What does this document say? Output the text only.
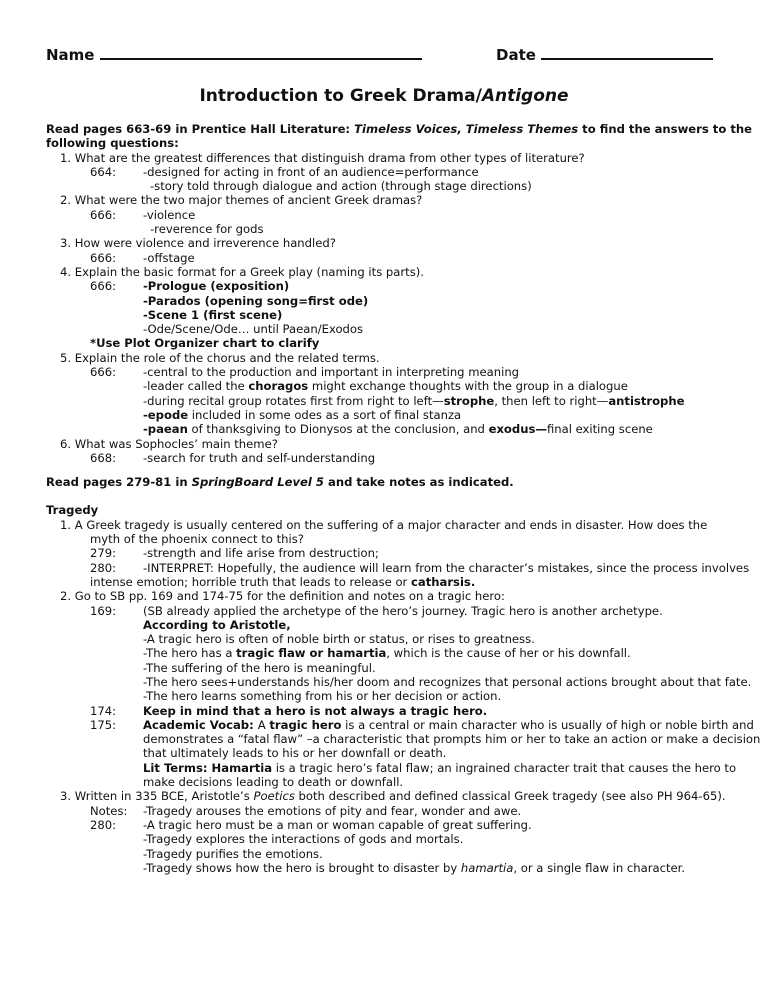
Name	Date
Introduction to Greek Drama/Antigone
Read pages 663-69 in Prentice Hall Literature: Timeless Voices, Timeless Themes to find the answers to the
following questions:
1. What are the greatest differences that distinguish drama from other types of literature?
664: -designed for acting in front of an audience=performance
-story told through dialogue and action (through stage directions)
2. What were the two major themes of ancient Greek dramas?
666: -violence
-reverence for gods
3. How were violence and irreverence handled?
666: -offstage
4. Explain the basic format for a Greek play (naming its parts).
666: -Prologue (exposition)
-Parados (opening song=first ode)
-Scene 1 (first scene)
-Ode/Scene/Ode… until Paean/Exodos
*Use Plot Organizer chart to clarify
5. Explain the role of the chorus and the related terms.
666: -central to the production and important in interpreting meaning
-leader called the choragos might exchange thoughts with the group in a dialogue
-during recital group rotates first from right to left—strophe, then left to right—antistrophe
-epode included in some odes as a sort of final stanza
-paean of thanksgiving to Dionysos at the conclusion, and exodus—final exiting scene
6. What was Sophocles’ main theme?
668: -search for truth and self-understanding
Read pages 279-81 in SpringBoard Level 5 and take notes as indicated.
Tragedy
1. A Greek tragedy is usually centered on the suffering of a major character and ends in disaster. How does the
myth of the phoenix connect to this?
279: -strength and life arise from destruction;
280: -INTERPRET: Hopefully, the audience will learn from the character’s mistakes, since the process involves
intense emotion; horrible truth that leads to release or catharsis.
2. Go to SB pp. 169 and 174-75 for the definition and notes on a tragic hero:
169: (SB already applied the archetype of the hero’s journey. Tragic hero is another archetype.
According to Aristotle,
-A tragic hero is often of noble birth or status, or rises to greatness.
-The hero has a tragic flaw or hamartia, which is the cause of her or his downfall.
-The suffering of the hero is meaningful.
-The hero sees+understands his/her doom and recognizes that personal actions brought about that fate.
-The hero learns something from his or her decision or action.
174: Keep in mind that a hero is not always a tragic hero.
175: Academic Vocab: A tragic hero is a central or main character who is usually of high or noble birth and
demonstrates a “fatal flaw” –a characteristic that prompts him or her to take an action or make a decision
that ultimately leads to his or her downfall or death.
Lit Terms: Hamartia is a tragic hero’s fatal flaw; an ingrained character trait that causes the hero to
make decisions leading to death or downfall.
3. Written in 335 BCE, Aristotle’s Poetics both described and defined classical Greek tragedy (see also PH 964-65).
Notes: -Tragedy arouses the emotions of pity and fear, wonder and awe.
280: -A tragic hero must be a man or woman capable of great suffering.
-Tragedy explores the interactions of gods and mortals.
-Tragedy purifies the emotions.
-Tragedy shows how the hero is brought to disaster by hamartia, or a single flaw in character.
